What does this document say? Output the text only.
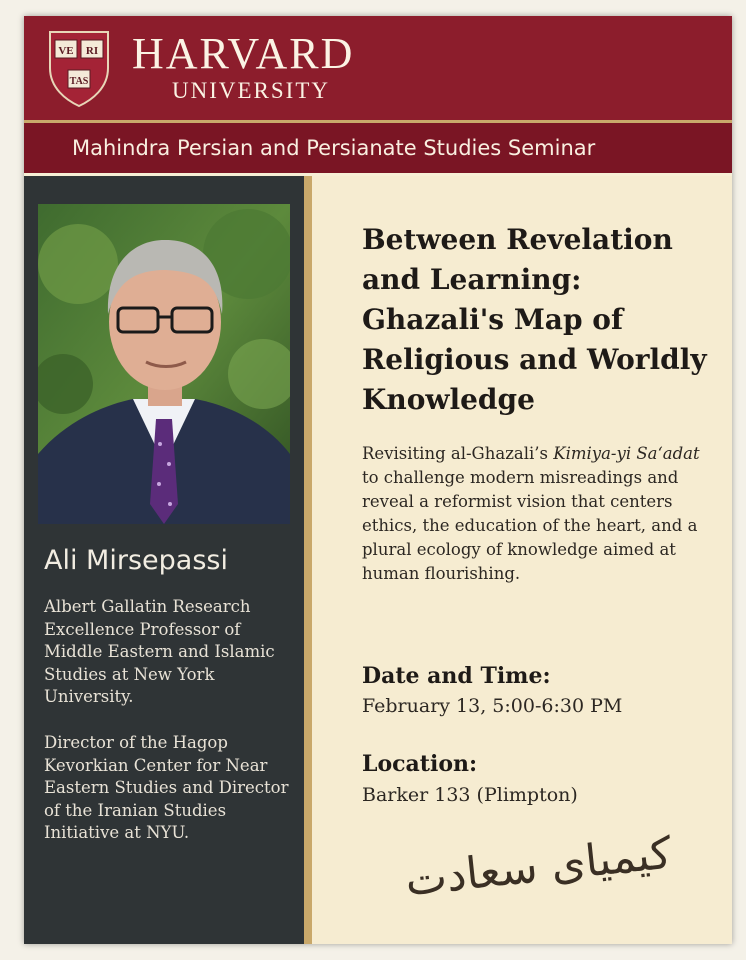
VE RI
TAS
HARVARD
UNIVERSITY
Mahindra Persian and Persianate Studies Seminar
Ali Mirsepassi
Albert Gallatin Research Excellence Professor of Middle Eastern and Islamic Studies at New York University.
Director of the Hagop Kevorkian Center for Near Eastern Studies and Director of the Iranian Studies Initiative at NYU.
Between Revelation and Learning: Ghazali's Map of Religious and Worldly Knowledge
Revisiting al-Ghazali’s Kimiya-yi Sa‘adat to challenge modern misreadings and reveal a reformist vision that centers ethics, the education of the heart, and a plural ecology of knowledge aimed at human flourishing.
Date and Time:
February 13, 5:00-6:30 PM
Location:
Barker 133 (Plimpton)
کیمیای سعادت
